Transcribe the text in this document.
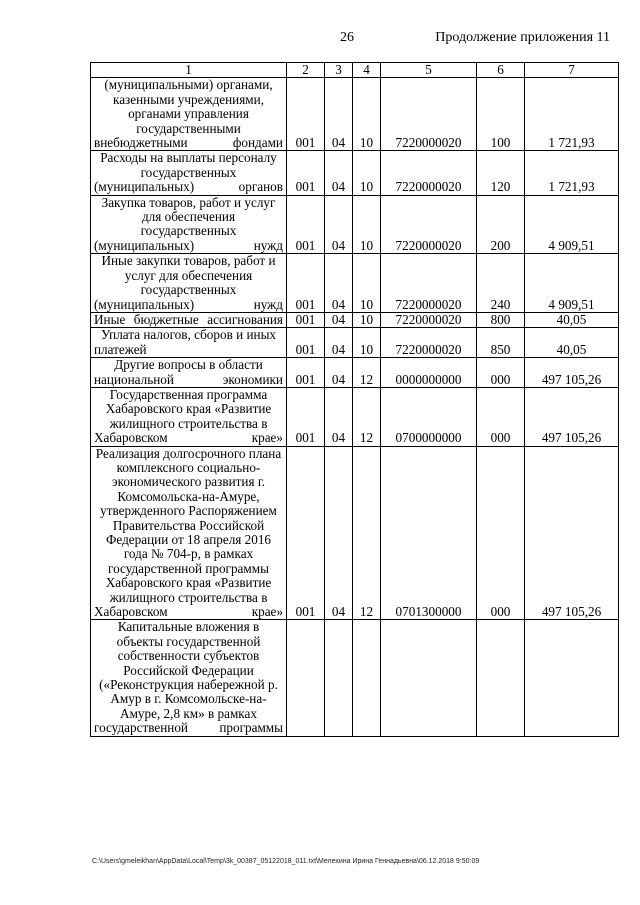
26	Продолжение приложения 11
1	2	3	4	5	6	7
(муниципальными) органами, казенными учреждениями, органами управления государственными внебюджетными фондами	001	04	10	7220000020	100	1 721,93
Расходы на выплаты персоналу государственных (муниципальных) органов	001	04	10	7220000020	120	1 721,93
Закупка товаров, работ и услуг для обеспечения государственных (муниципальных) нужд	001	04	10	7220000020	200	4 909,51
Иные закупки товаров, работ и услуг для обеспечения государственных (муниципальных) нужд	001	04	10	7220000020	240	4 909,51
Иные бюджетные ассигнования	001	04	10	7220000020	800	40,05
Уплата налогов, сборов и иных платежей	001	04	10	7220000020	850	40,05
Другие вопросы в области национальной экономики	001	04	12	0000000000	000	497 105,26
Государственная программа Хабаровского края «Развитие жилищного строительства в Хабаровском крае»	001	04	12	0700000000	000	497 105,26
Реализация долгосрочного плана комплексного социально-экономического развития г. Комсомольска-на-Амуре, утвержденного Распоряжением Правительства Российской Федерации от 18 апреля 2016 года № 704-р, в рамках государственной программы Хабаровского края «Развитие жилищного строительства в Хабаровском крае»	001	04	12	0701300000	000	497 105,26
Капитальные вложения в объекты государственной собственности субъектов Российской Федерации («Реконструкция набережной р. Амур в г. Комсомольске-на-Амуре, 2,8 км» в рамках государственной программы						
C:\Users\gmeleikhan\AppData\Local\Temp\3k_00387_05122018_011.txt\Мелехина Ирина Геннадьевна\06.12.2018 9:50:09
